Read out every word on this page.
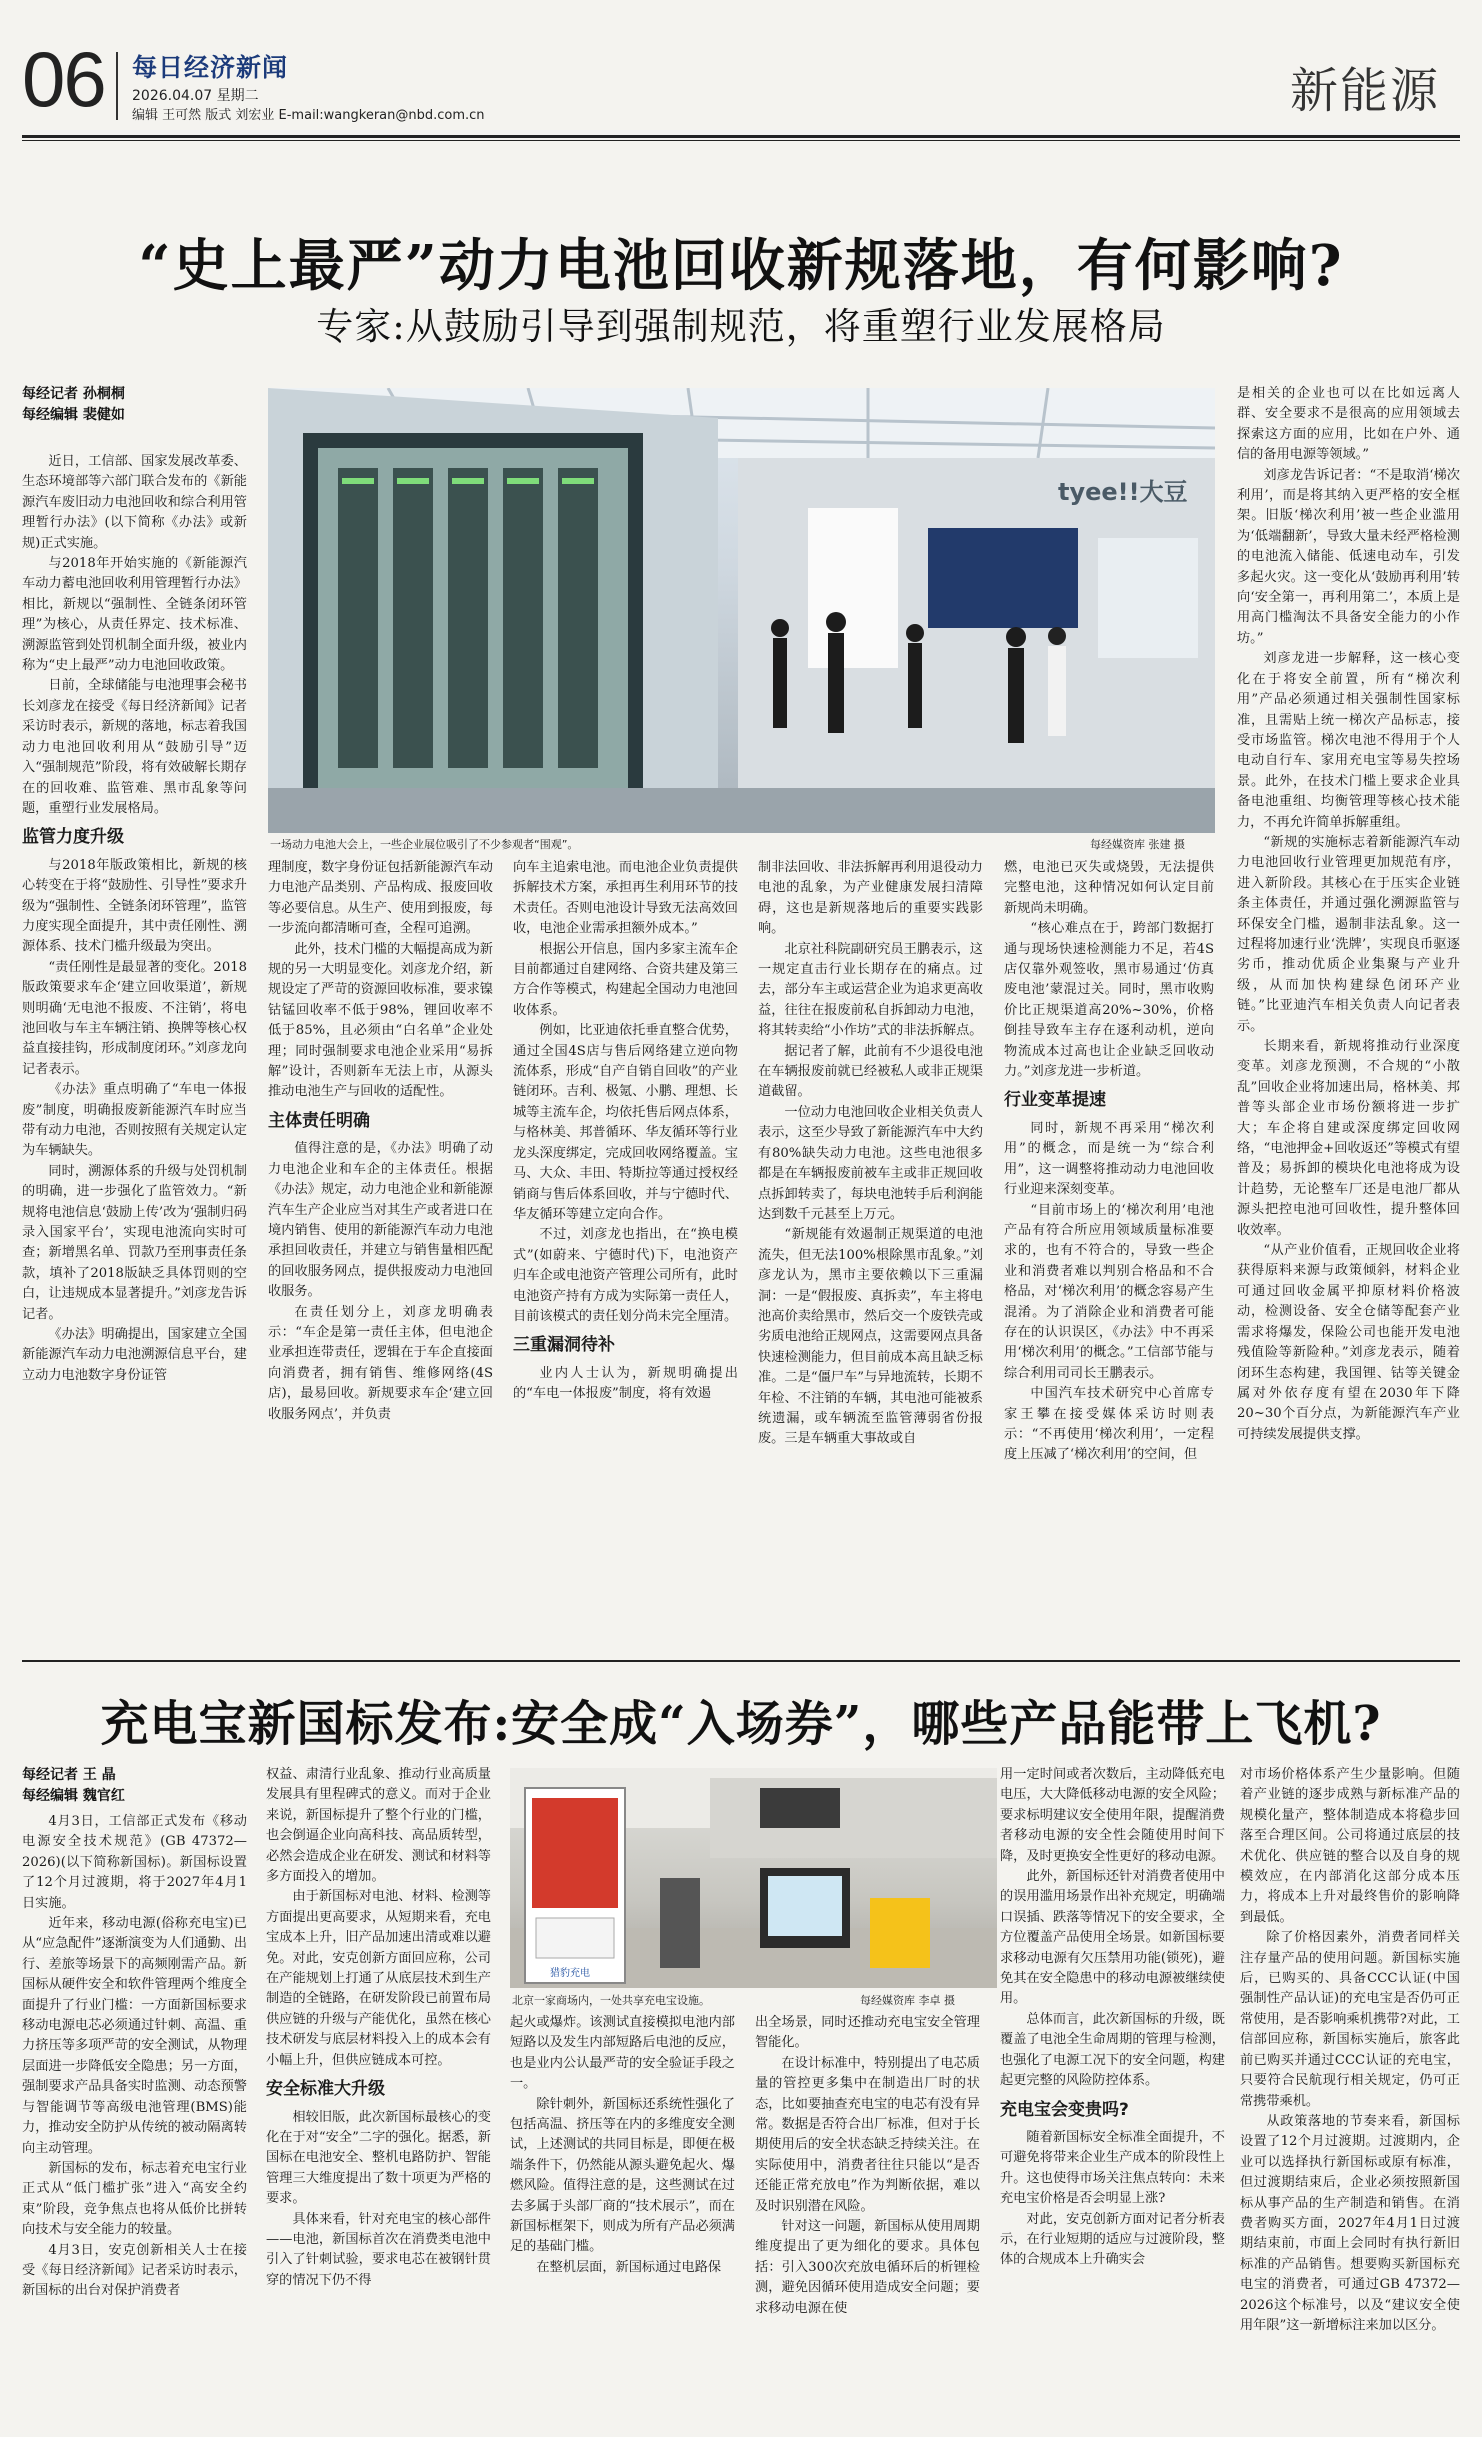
06 每日经济新闻
2026.04.07 星期二
编辑 王可然 版式 刘宏业 E-mail:wangkeran@nbd.com.cn	新能源
“史上最严”动力电池回收新规落地，有何影响?
专家:从鼓励引导到强制规范，将重塑行业发展格局
每经记者 孙桐桐
每经编辑 裴健如
tyee!!大豆
一场动力电池大会上，一些企业展位吸引了不少参观者“围观”。	每经媒资库 张建 摄

近日，工信部、国家发展改革委、生态环境部等六部门联合发布的《新能源汽车废旧动力电池回收和综合利用管理暂行办法》(以下简称《办法》或新规)正式实施。

与2018年开始实施的《新能源汽车动力蓄电池回收利用管理暂行办法》相比，新规以“强制性、全链条闭环管理”为核心，从责任界定、技术标准、溯源监管到处罚机制全面升级，被业内称为“史上最严”动力电池回收政策。

日前，全球储能与电池理事会秘书长刘彦龙在接受《每日经济新闻》记者采访时表示，新规的落地，标志着我国动力电池回收利用从“鼓励引导”迈入“强制规范”阶段，将有效破解长期存在的回收难、监管难、黑市乱象等问题，重塑行业发展格局。

监管力度升级

与2018年版政策相比，新规的核心转变在于将“鼓励性、引导性”要求升级为“强制性、全链条闭环管理”，监管力度实现全面提升，其中责任刚性、溯源体系、技术门槛升级最为突出。

“责任刚性是最显著的变化。2018版政策要求车企‘建立回收渠道’，新规则明确‘无电池不报废、不注销’，将电池回收与车主车辆注销、换牌等核心权益直接挂钩，形成制度闭环。”刘彦龙向记者表示。

《办法》重点明确了“车电一体报废”制度，明确报废新能源汽车时应当带有动力电池，否则按照有关规定认定为车辆缺失。

同时，溯源体系的升级与处罚机制的明确，进一步强化了监管效力。“新规将电池信息‘鼓励上传’改为‘强制归码录入国家平台’，实现电池流向实时可查；新增黑名单、罚款乃至刑事责任条款，填补了2018版缺乏具体罚则的空白，让违规成本显著提升。”刘彦龙告诉记者。

《办法》明确提出，国家建立全国新能源汽车动力电池溯源信息平台，建立动力电池数字身份证管

理制度，数字身份证包括新能源汽车动力电池产品类别、产品构成、报废回收等必要信息。从生产、使用到报废，每一步流向都清晰可查，全程可追溯。

此外，技术门槛的大幅提高成为新规的另一大明显变化。刘彦龙介绍，新规设定了严苛的资源回收标准，要求镍钴锰回收率不低于98%，锂回收率不低于85%，且必须由“白名单”企业处理；同时强制要求电池企业采用“易拆解”设计，否则新车无法上市，从源头推动电池生产与回收的适配性。

主体责任明确

值得注意的是，《办法》明确了动力电池企业和车企的主体责任。根据《办法》规定，动力电池企业和新能源汽车生产企业应当对其生产或者进口在境内销售、使用的新能源汽车动力电池承担回收责任，并建立与销售量相匹配的回收服务网点，提供报废动力电池回收服务。

在责任划分上，刘彦龙明确表示：“车企是第一责任主体，但电池企业承担连带责任，逻辑在于车企直接面向消费者，拥有销售、维修网络(4S店)，最易回收。新规要求车企‘建立回收服务网点’，并负责

向车主追索电池。而电池企业负责提供拆解技术方案，承担再生利用环节的技术责任。否则电池设计导致无法高效回收，电池企业需承担额外成本。”

根据公开信息，国内多家主流车企目前都通过自建网络、合资共建及第三方合作等模式，构建起全国动力电池回收体系。

例如，比亚迪依托垂直整合优势，通过全国4S店与售后网络建立逆向物流体系，形成“自产自销自回收”的产业链闭环。吉利、极氪、小鹏、理想、长城等主流车企，均依托售后网点体系，与格林美、邦普循环、华友循环等行业龙头深度绑定，完成回收网络覆盖。宝马、大众、丰田、特斯拉等通过授权经销商与售后体系回收，并与宁德时代、华友循环等建立定向合作。

不过，刘彦龙也指出，在“换电模式”(如蔚来、宁德时代)下，电池资产归车企或电池资产管理公司所有，此时电池资产持有方成为实际第一责任人，目前该模式的责任划分尚未完全厘清。

三重漏洞待补

业内人士认为，新规明确提出的“车电一体报废”制度，将有效遏

制非法回收、非法拆解再利用退役动力电池的乱象，为产业健康发展扫清障碍，这也是新规落地后的重要实践影响。

北京社科院副研究员王鹏表示，这一规定直击行业长期存在的痛点。过去，部分车主或运营企业为追求更高收益，往往在报废前私自拆卸动力电池，将其转卖给“小作坊”式的非法拆解点。

据记者了解，此前有不少退役电池在车辆报废前就已经被私人或非正规渠道截留。

一位动力电池回收企业相关负责人表示，这至少导致了新能源汽车中大约有80%缺失动力电池。这些电池很多都是在车辆报废前被车主或非正规回收点拆卸转卖了，每块电池转手后利润能达到数千元甚至上万元。

“新规能有效遏制正规渠道的电池流失，但无法100%根除黑市乱象。”刘彦龙认为，黑市主要依赖以下三重漏洞：一是“假报废、真拆卖”，车主将电池高价卖给黑市，然后交一个废铁壳或劣质电池给正规网点，这需要网点具备快速检测能力，但目前成本高且缺乏标准。二是“僵尸车”与异地流转，长期不年检、不注销的车辆，其电池可能被系统遗漏，或车辆流至监管薄弱省份报废。三是车辆重大事故或自

燃，电池已灭失或烧毁，无法提供完整电池，这种情况如何认定目前新规尚未明确。

“核心难点在于，跨部门数据打通与现场快速检测能力不足，若4S店仅靠外观签收，黑市易通过‘仿真废电池’蒙混过关。同时，黑市收购价比正规渠道高20%~30%，价格倒挂导致车主存在逐利动机，逆向物流成本过高也让企业缺乏回收动力。”刘彦龙进一步析道。

行业变革提速

同时，新规不再采用“梯次利用”的概念，而是统一为“综合利用”，这一调整将推动动力电池回收行业迎来深刻变革。

“目前市场上的‘梯次利用’电池产品有符合所应用领域质量标准要求的，也有不符合的，导致一些企业和消费者难以判别合格品和不合格品，对‘梯次利用’的概念容易产生混淆。为了消除企业和消费者可能存在的认识误区，《办法》中不再采用‘梯次利用’的概念。”工信部节能与综合利用司司长王鹏表示。

中国汽车技术研究中心首席专家王攀在接受媒体采访时则表示：“不再使用‘梯次利用’，一定程度上压减了‘梯次利用’的空间，但

是相关的企业也可以在比如远离人群、安全要求不是很高的应用领域去探索这方面的应用，比如在户外、通信的备用电源等领域。”

刘彦龙告诉记者：“不是取消‘梯次利用’，而是将其纳入更严格的安全框架。旧版‘梯次利用’被一些企业滥用为‘低端翻新’，导致大量未经严格检测的电池流入储能、低速电动车，引发多起火灾。这一变化从‘鼓励再利用’转向‘安全第一，再利用第二’，本质上是用高门槛淘汰不具备安全能力的小作坊。”

刘彦龙进一步解释，这一核心变化在于将安全前置，所有“梯次利用”产品必须通过相关强制性国家标准，且需贴上统一梯次产品标志，接受市场监管。梯次电池不得用于个人电动自行车、家用充电宝等易失控场景。此外，在技术门槛上要求企业具备电池重组、均衡管理等核心技术能力，不再允许简单拆解重组。

“新规的实施标志着新能源汽车动力电池回收行业管理更加规范有序，进入新阶段。其核心在于压实企业链条主体责任，并通过强化溯源监管与环保安全门槛，遏制非法乱象。这一过程将加速行业‘洗牌’，实现良币驱逐劣币，推动优质企业集聚与产业升级，从而加快构建绿色闭环产业链。”比亚迪汽车相关负责人向记者表示。

长期来看，新规将推动行业深度变革。刘彦龙预测，不合规的“小散乱”回收企业将加速出局，格林美、邦普等头部企业市场份额将进一步扩大；车企将自建或深度绑定回收网络，“电池押金+回收返还”等模式有望普及；易拆卸的模块化电池将成为设计趋势，无论整车厂还是电池厂都从源头把控电池可回收性，提升整体回收效率。

“从产业价值看，正规回收企业将获得原料来源与政策倾斜，材料企业可通过回收金属平抑原材料价格波动，检测设备、安全仓储等配套产业需求将爆发，保险公司也能开发电池残值险等新险种。”刘彦龙表示，随着闭环生态构建，我国锂、钴等关键金属对外依存度有望在2030年下降20~30个百分点，为新能源汽车产业可持续发展提供支撑。

充电宝新国标发布:安全成“入场券”，哪些产品能带上飞机?
每经记者 王 晶
每经编辑 魏官红
猎豹充电
北京一家商场内，一处共享充电宝设施。	每经媒资库 李卓 摄

4月3日，工信部正式发布《移动电源安全技术规范》(GB 47372—2026)(以下简称新国标)。新国标设置了12个月过渡期，将于2027年4月1日实施。

近年来，移动电源(俗称充电宝)已从“应急配件”逐渐演变为人们通勤、出行、差旅等场景下的高频刚需产品。新国标从硬件安全和软件管理两个维度全面提升了行业门槛：一方面新国标要求移动电源电芯必须通过针刺、高温、重力挤压等多项严苛的安全测试，从物理层面进一步降低安全隐患；另一方面，强制要求产品具备实时监测、动态预警与智能调节等高级电池管理(BMS)能力，推动安全防护从传统的被动隔离转向主动管理。

新国标的发布，标志着充电宝行业正式从“低门槛扩张”进入“高安全约束”阶段，竞争焦点也将从低价比拼转向技术与安全能力的较量。

4月3日，安克创新相关人士在接受《每日经济新闻》记者采访时表示，新国标的出台对保护消费者

权益、肃清行业乱象、推动行业高质量发展具有里程碑式的意义。而对于企业来说，新国标提升了整个行业的门槛，也会倒逼企业向高科技、高品质转型，必然会造成企业在研发、测试和材料等多方面投入的增加。

由于新国标对电池、材料、检测等方面提出更高要求，从短期来看，充电宝成本上升，旧产品加速出清或难以避免。对此，安克创新方面回应称，公司在产能规划上打通了从底层技术到生产制造的全链路，在研发阶段已前置布局供应链的升级与产能优化，虽然在核心技术研发与底层材料投入上的成本会有小幅上升，但供应链成本可控。

安全标准大升级

相较旧版，此次新国标最核心的变化在于对“安全”二字的强化。据悉，新国标在电池安全、整机电路防护、智能管理三大维度提出了数十项更为严格的要求。

具体来看，针对充电宝的核心部件——电池，新国标首次在消费类电池中引入了针刺试验，要求电芯在被钢针贯穿的情况下仍不得

起火或爆炸。该测试直接模拟电池内部短路以及发生内部短路后电池的反应，也是业内公认最严苛的安全验证手段之一。

除针刺外，新国标还系统性强化了包括高温、挤压等在内的多维度安全测试，上述测试的共同目标是，即便在极端条件下，仍然能从源头避免起火、爆燃风险。值得注意的是，这些测试在过去多属于头部厂商的“技术展示”，而在新国标框架下，则成为所有产品必须满足的基础门槛。

在整机层面，新国标通过电路保

出全场景，同时还推动充电宝安全管理智能化。

在设计标准中，特别提出了电芯质量的管控更多集中在制造出厂时的状态，比如要抽查充电宝的电芯有没有异常。数据是否符合出厂标准，但对于长期使用后的安全状态缺乏持续关注。在实际使用中，消费者往往只能以“是否还能正常充放电”作为判断依据，难以及时识别潜在风险。

针对这一问题，新国标从使用周期维度提出了更为细化的要求。具体包括：引入300次充放电循环后的析锂检测，避免因循环使用造成安全问题；要求移动电源在使

用一定时间或者次数后，主动降低充电电压，大大降低移动电源的安全风险；要求标明建议安全使用年限，提醒消费者移动电源的安全性会随使用时间下降，及时更换安全性更好的移动电源。

此外，新国标还针对消费者使用中的误用滥用场景作出补充规定，明确端口误插、跌落等情况下的安全要求，全方位覆盖产品使用全场景。如新国标要求移动电源有欠压禁用功能(锁死)，避免其在安全隐患中的移动电源被继续使用。

总体而言，此次新国标的升级，既覆盖了电池全生命周期的管理与检测，也强化了电源工况下的安全问题，构建起更完整的风险防控体系。

充电宝会变贵吗?

随着新国标安全标准全面提升，不可避免将带来企业生产成本的阶段性上升。这也使得市场关注焦点转向：未来充电宝价格是否会明显上涨?

对此，安克创新方面对记者分析表示，在行业短期的适应与过渡阶段，整体的合规成本上升确实会

对市场价格体系产生少量影响。但随着产业链的逐步成熟与新标准产品的规模化量产，整体制造成本将稳步回落至合理区间。公司将通过底层的技术优化、供应链的整合以及自身的规模效应，在内部消化这部分成本压力，将成本上升对最终售价的影响降到最低。

除了价格因素外，消费者同样关注存量产品的使用问题。新国标实施后，已购买的、具备CCC认证(中国强制性产品认证)的充电宝是否仍可正常使用，是否影响乘机携带?对此，工信部回应称，新国标实施后，旅客此前已购买并通过CCC认证的充电宝，只要符合民航现行相关规定，仍可正常携带乘机。

从政策落地的节奏来看，新国标设置了12个月过渡期。过渡期内，企业可以选择执行新国标或原有标准，但过渡期结束后，企业必须按照新国标从事产品的生产制造和销售。在消费者购买方面，2027年4月1日过渡期结束前，市面上会同时有执行新旧标准的产品销售。想要购买新国标充电宝的消费者，可通过GB 47372—2026这个标准号，以及“建议安全使用年限”这一新增标注来加以区分。
